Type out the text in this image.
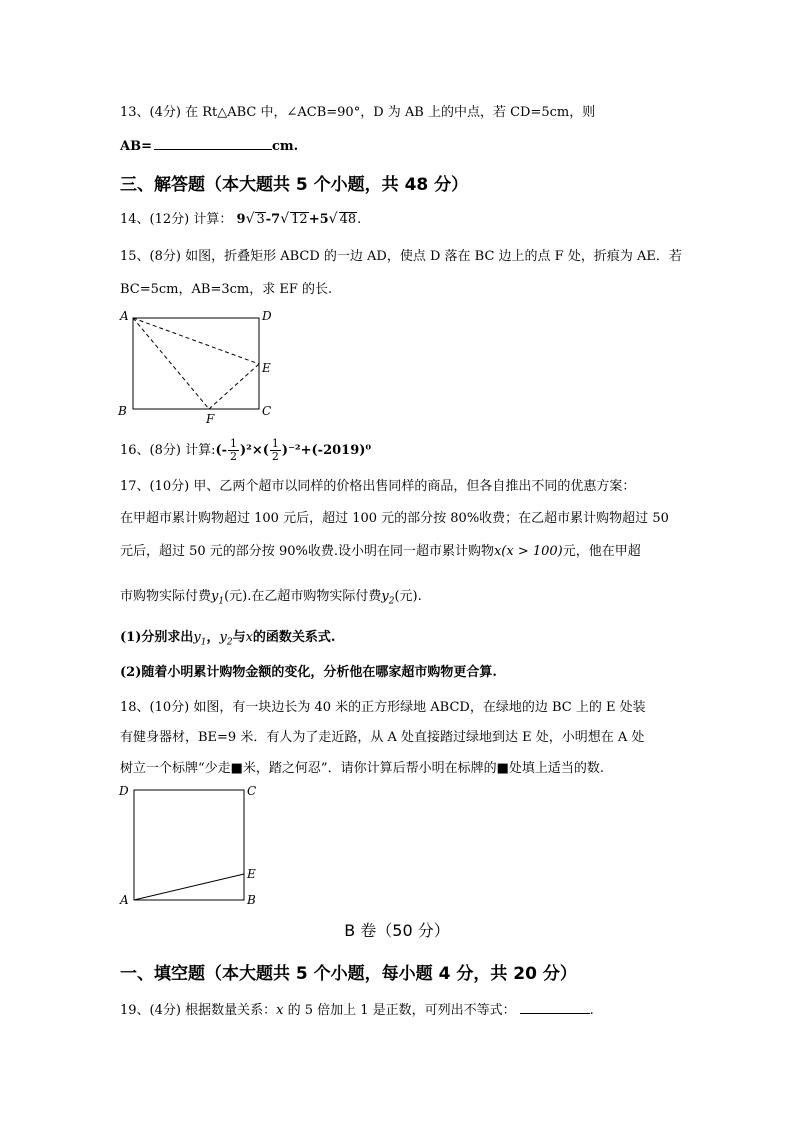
13、(4分) 在 Rt△ABC 中，∠ACB=90°，D 为 AB 上的中点，若 CD=5cm，则
AB=	cm.
三、解答题（本大题共 5 个小题，共 48 分）
14、(12分) 计算： 9√ 3-7√ 12+5√ 48.
15、(8分) 如图，折叠矩形 ABCD 的一边 AD，使点 D 落在 BC 边上的点 F 处，折痕为 AE．若
BC=5cm，AB=3cm，求 EF 的长.
A	D
E
B
F
C
16、(8分) 计算:(- $\frac{1}{2} )^2\times( \frac{1}{2} )^{-2}+(-2019)^0$
17、(10分) 甲、乙两个超市以同样的价格出售同样的商品，但各自推出不同的优惠方案：
在甲超市累计购物超过 100 元后，超过 100 元的部分按 80%收费；在乙超市累计购物超过 50
元后，超过 50 元的部分按 90%收费.设小明在同一超市累计购物x(x > 100)元，他在甲超
市购物实际付费$y_1$(元).在乙超市购物实际付费$y_2$(元).
(1)分别求出$y_1$，$y_2$与x的函数关系式.
(2)随着小明累计购物金额的变化，分析他在哪家超市购物更合算.
18、(10分) 如图，有一块边长为 40 米的正方形绿地 ABCD，在绿地的边 BC 上的 E 处装
有健身器材，BE=9 米．有人为了走近路，从 A 处直接踏过绿地到达 E 处，小明想在 A 处
树立一个标牌“少走■米，踏之何忍”．请你计算后帮小明在标牌的■处填上适当的数.
D	C
E
A	B
B 卷（50 分）
一、填空题（本大题共 5 个小题，每小题 4 分，共 20 分）
19、(4分) 根据数量关系：x 的 5 倍加上 1 是正数，可列出不等式：	.
